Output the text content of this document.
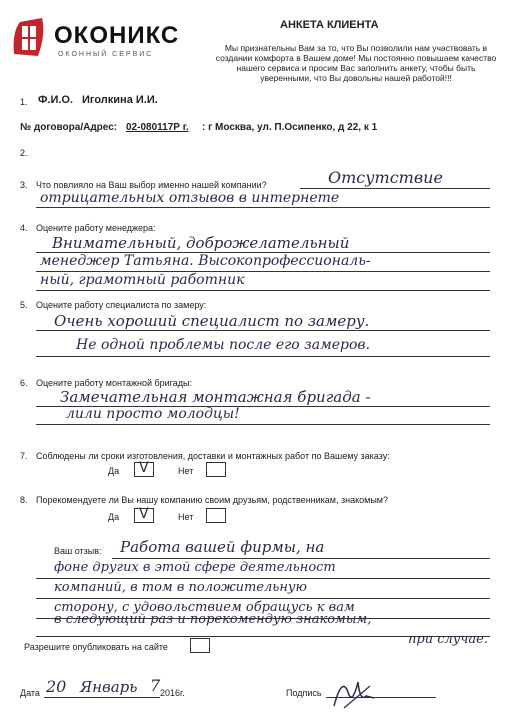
ОКОНИКС
ОКОННЫЙ СЕРВИС
АНКЕТА КЛИЕНТА
Мы признательны Вам за то, что Вы позволили нам участвовать в
создании комфорта в Вашем доме! Мы постоянно повышаем качество
нашего сервиса и просим Вас заполнить анкету, чтобы быть
уверенными, что Вы довольны нашей работой!!!
1. Ф.И.О. Иголкина И.И.
№ договора/Адрес: 02-080117Р г. : г Москва, ул. П.Осипенко, д 22, к 1
2.
3. Что повлияло на Ваш выбор именно нашей компании?	Отсутствие
отрицательных отзывов в интернете
4. Оцените работу менеджера:
Внимательный, доброжелательный
менеджер Татьяна. Высокопрофессиональ-
ный, грамотный работник
5. Оцените работу специалиста по замеру:
Очень хороший специалист по замеру.
Не одной проблемы после его замеров.
6. Оцените работу монтажной бригады:
Замечательная монтажная бригада -
лили просто молодцы!
7. Соблюдены ли сроки изготовления, доставки и монтажных работ по Вашему заказу:
Да V	Нет
8. Порекомендуете ли Вы нашу компанию своим друзьям, родственникам, знакомым?
Да V	Нет
Ваш отзыв: Работа вашей фирмы, на
фоне других в этой сфере деятельност
компаний, в том в положительную
сторону, с удовольствием обращусь к вам
в следующий раз и порекомендую знакомым,
при случае.
Разрешите опубликовать на сайте
Дата 20 Январь 7 2016г.	Подпись
